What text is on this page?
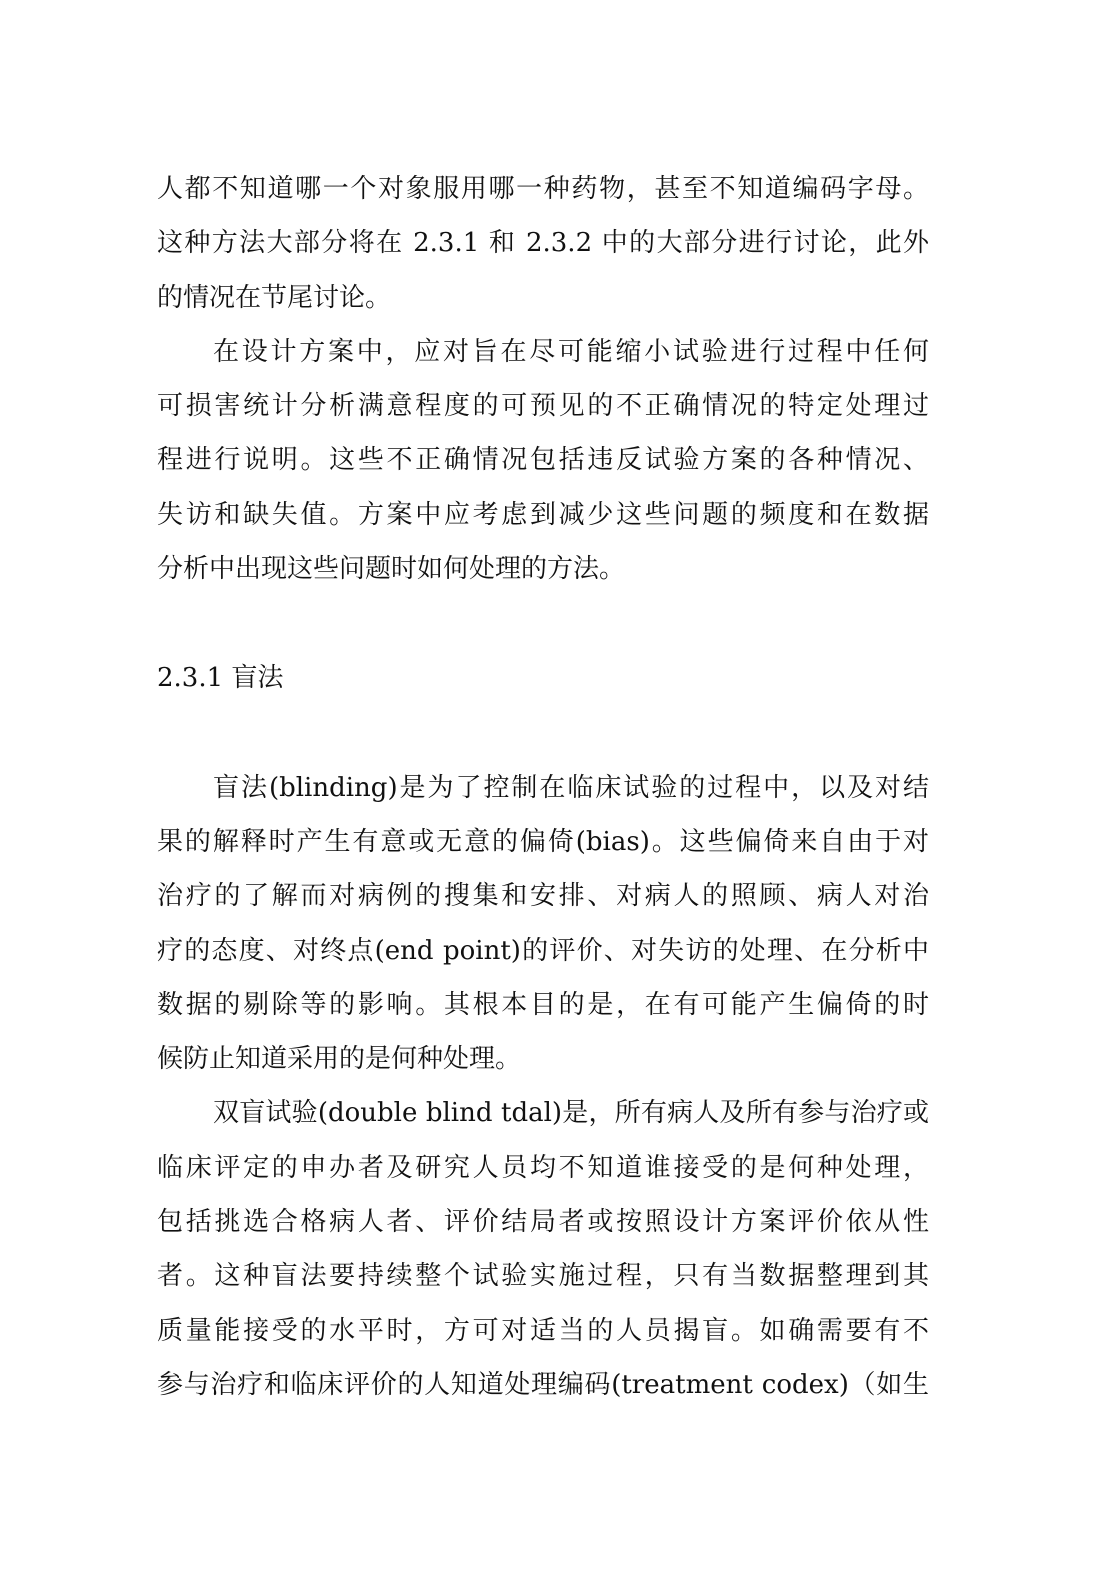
人都不知道哪一个对象服用哪一种药物，甚至不知道编码字母。
这种方法大部分将在 2.3.1 和 2.3.2 中的大部分进行讨论，此外
的情况在节尾讨论。

在设计方案中，应对旨在尽可能缩小试验进行过程中任何
可损害统计分析满意程度的可预见的不正确情况的特定处理过
程进行说明。这些不正确情况包括违反试验方案的各种情况、
失访和缺失值。方案中应考虑到减少这些问题的频度和在数据
分析中出现这些问题时如何处理的方法。

2.3.1 盲法

盲法(blinding)是为了控制在临床试验的过程中，以及对结
果的解释时产生有意或无意的偏倚(bias)。这些偏倚来自由于对
治疗的了解而对病例的搜集和安排、对病人的照顾、病人对治
疗的态度、对终点(end point)的评价、对失访的处理、在分析中
数据的剔除等的影响。其根本目的是，在有可能产生偏倚的时
候防止知道采用的是何种处理。

双盲试验(double blind tdal)是，所有病人及所有参与治疗或
临床评定的申办者及研究人员均不知道谁接受的是何种处理，
包括挑选合格病人者、评价结局者或按照设计方案评价依从性
者。这种盲法要持续整个试验实施过程，只有当数据整理到其
质量能接受的水平时，方可对适当的人员揭盲。如确需要有不
参与治疗和临床评价的人知道处理编码(treatment codex)（如生
